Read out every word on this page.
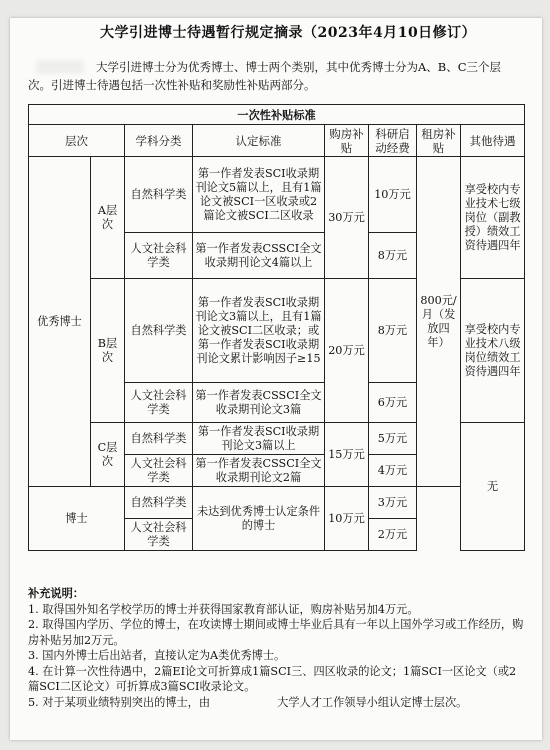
大学引进博士待遇暂行规定摘录（2023年4月10日修订）
大学引进博士分为优秀博士、博士两个类别，其中优秀博士分为A、B、C三个层次。引进博士待遇包括一次性补贴和奖励性补贴两部分。
一次性补贴标准							
层次		学科分类	认定标准	购房补贴	科研启动经费	租房补贴	其他待遇
优秀博士	A层次	自然科学类	第一作者发表SCI收录期刊论文5篇以上，且有1篇论文被SCI一区收录或2篇论文被SCI二区收录	30万元	10万元	800元/月（发放四年）	享受校内专业技术七级岗位（副教授）绩效工资待遇四年
		人文社会科学类	第一作者发表CSSCI全文收录期刊论文4篇以上		8万元		
	B层次	自然科学类	第一作者发表SCI收录期刊论文3篇以上，且有1篇论文被SCI二区收录；或第一作者发表SCI收录期刊论文累计影响因子≥15	20万元	8万元		享受校内专业技术八级岗位绩效工资待遇四年
		人文社会科学类	第一作者发表CSSCI全文收录期刊论文3篇		6万元		
	C层次	自然科学类	第一作者发表SCI收录期刊论文3篇以上	15万元	5万元		无
		人文社会科学类	第一作者发表CSSCI全文收录期刊论文2篇		4万元		
博士		自然科学类	未达到优秀博士认定条件的博士	10万元	3万元		
		人文社会科学类			2万元		
补充说明：
1. 取得国外知名学校学历的博士并获得国家教育部认证，购房补贴另加4万元。
2. 取得国内学历、学位的博士，在攻读博士期间或博士毕业后具有一年以上国外学习或工作经历，购房补贴另加2万元。
3. 国内外博士后出站者，直接认定为A类优秀博士。
4. 在计算一次性待遇中，2篇EI论文可折算成1篇SCI三、四区收录的论文；1篇SCI一区论文（或2篇SCI二区论文）可折算成3篇SCI收录论文。
5. 对于某项业绩特别突出的博士，由　　　　　　大学人才工作领导小组认定博士层次。
